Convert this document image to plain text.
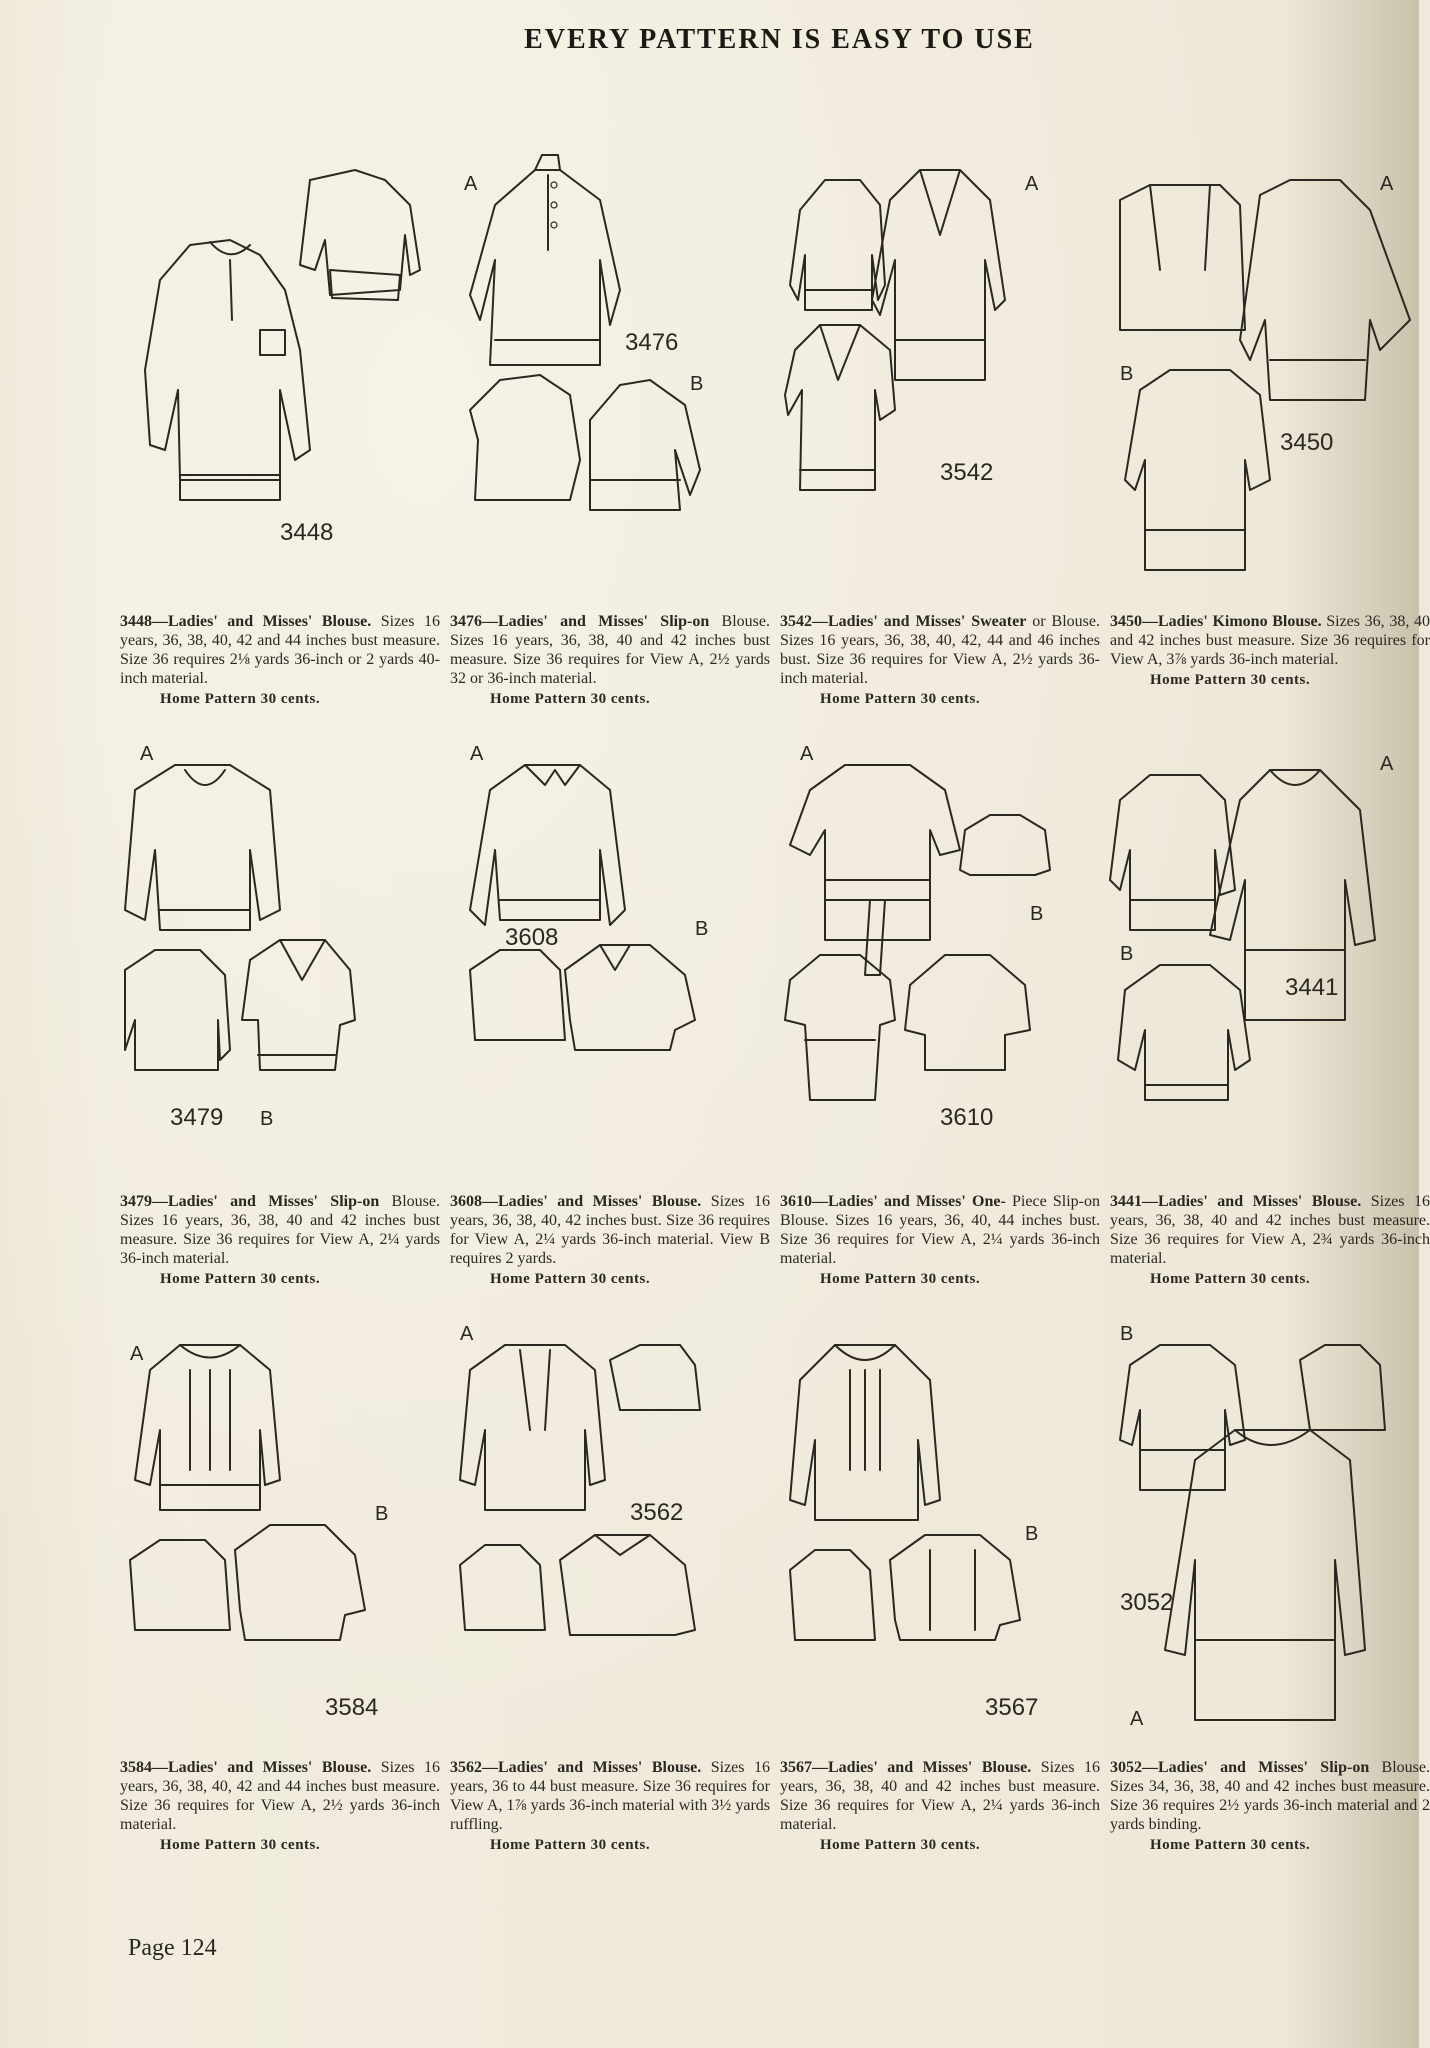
EVERY PATTERN IS EASY TO USE
3448

3448—Ladies' and Misses' Blouse. Sizes 16 years, 36, 38, 40, 42 and 44 inches bust measure. Size 36 requires 2⅛ yards 36-inch or 2 yards 40-inch material.

Home Pattern 30 cents.
A
3476
B

3476—Ladies' and Misses' Slip-on Blouse. Sizes 16 years, 36, 38, 40 and 42 inches bust measure. Size 36 requires for View A, 2½ yards 32 or 36-inch material.

Home Pattern 30 cents.
A
3542

3542—Ladies' and Misses' Sweater or Blouse. Sizes 16 years, 36, 38, 40, 42, 44 and 46 inches bust. Size 36 requires for View A, 2½ yards 36-inch material.

Home Pattern 30 cents.
A
B
3450

3450—Ladies' Kimono Blouse. Sizes 36, 38, 40 and 42 inches bust measure. Size 36 requires for View A, 3⅞ yards 36-inch material.

Home Pattern 30 cents.
A
3479 B

3479—Ladies' and Misses' Slip-on Blouse. Sizes 16 years, 36, 38, 40 and 42 inches bust measure. Size 36 requires for View A, 2¼ yards 36-inch material.

Home Pattern 30 cents.
A
3608	B

3608—Ladies' and Misses' Blouse. Sizes 16 years, 36, 38, 40, 42 inches bust. Size 36 requires for View A, 2¼ yards 36-inch material. View B requires 2 yards.

Home Pattern 30 cents.
A
B
3610

3610—Ladies' and Misses' One- Piece Slip-on Blouse. Sizes 16 years, 36, 40, 44 inches bust. Size 36 requires for View A, 2¼ yards 36-inch material.

Home Pattern 30 cents.
A
B
3441

3441—Ladies' and Misses' Blouse. Sizes 16 years, 36, 38, 40 and 42 inches bust measure. Size 36 requires for View A, 2¾ yards 36-inch material.

Home Pattern 30 cents.
A
B
3584

3584—Ladies' and Misses' Blouse. Sizes 16 years, 36, 38, 40, 42 and 44 inches bust measure. Size 36 requires for View A, 2½ yards 36-inch material.

Home Pattern 30 cents.
A
3562

3562—Ladies' and Misses' Blouse. Sizes 16 years, 36 to 44 bust measure. Size 36 requires for View A, 1⅞ yards 36-inch material with 3½ yards ruffling.

Home Pattern 30 cents.
B
3567

3567—Ladies' and Misses' Blouse. Sizes 16 years, 36, 38, 40 and 42 inches bust measure. Size 36 requires for View A, 2¼ yards 36-inch material.

Home Pattern 30 cents.
B
3052
A

3052—Ladies' and Misses' Slip-on Blouse. Sizes 34, 36, 38, 40 and 42 inches bust measure. Size 36 requires 2½ yards 36-inch material and 2 yards binding.

Home Pattern 30 cents.
Page 124
